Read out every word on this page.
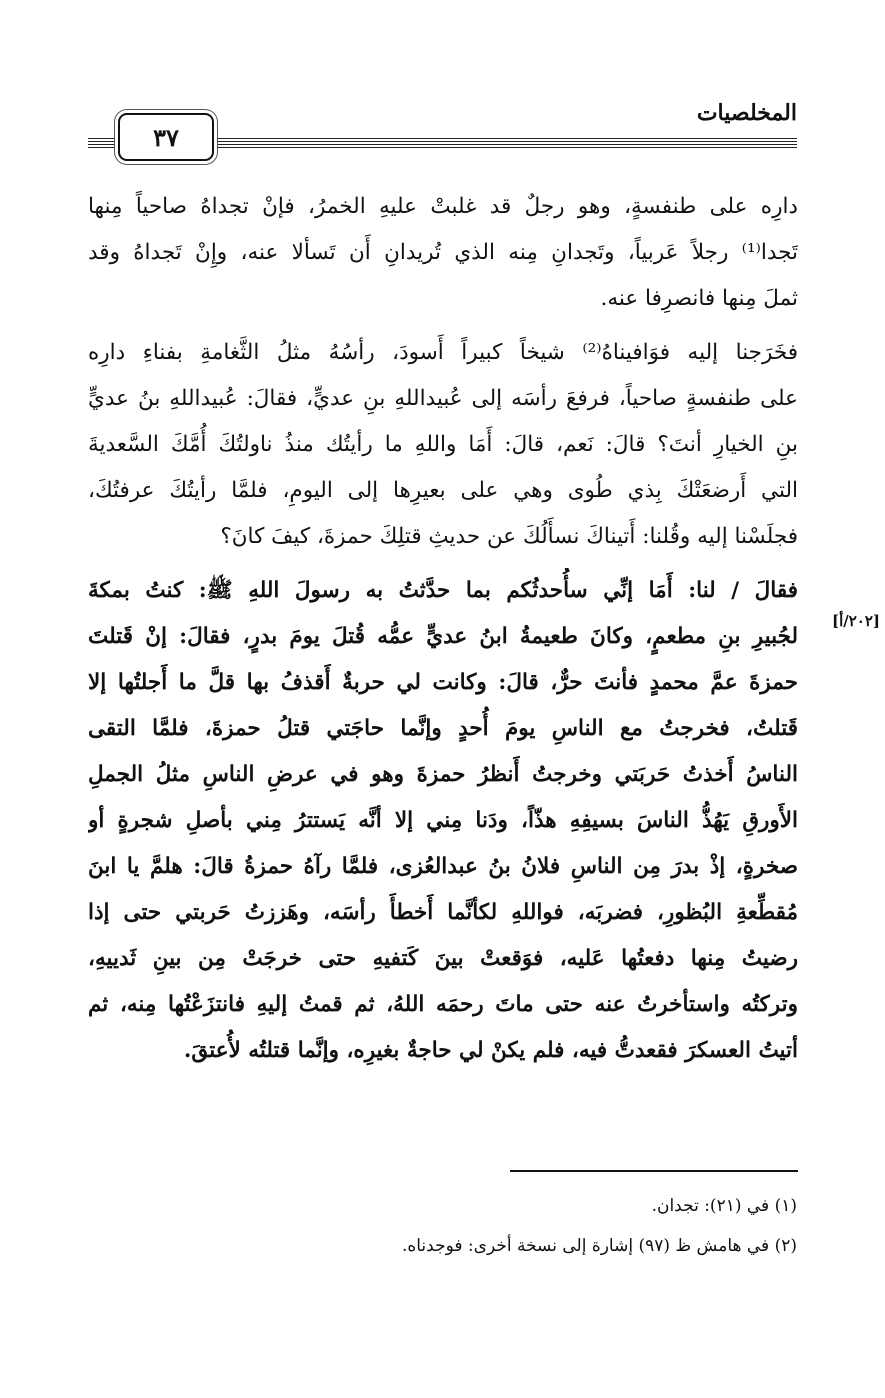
المخلصيات
٣٧
دارِه على طنفسةٍ، وهو رجلٌ قد غلبتْ عليهِ الخمرُ، فإنْ تجداهُ صاحياً مِنها
تَجدا⁽¹⁾ رجلاً عَربياً، وتَجدانِ مِنه الذي تُريدانِ أَن تَسألا عنه، وإِنْ تَجداهُ وقد
ثملَ مِنها فانصرِفا عنه.
فخَرَجنا إليه فوَافيناهُ⁽²⁾ شيخاً كبيراً أَسودَ، رأسُهُ مثلُ الثَّغامةِ بفناءِ دارِه
على طنفسةٍ صاحياً، فرفعَ رأسَه إلى عُبيداللهِ بنِ عديٍّ، فقالَ: عُبيداللهِ بنُ عديٍّ
بنِ الخيارِ أنتَ؟ قالَ: نَعم، قالَ: أَمَا واللهِ ما رأيتُك منذُ ناولتُكَ أُمَّكَ السَّعديةَ
التي أَرضعَتْكَ بِذي طُوى وهي على بعيرِها إلى اليومِ، فلمَّا رأيتُكَ عرفتُكَ،
فجلَسْنا إليه وقُلنا: أَتيناكَ نسأَلُكَ عن حديثِ قتلِكَ حمزةَ، كيفَ كانَ؟
فقالَ / لنا: أَمَا إنِّي سأُحدثُكم بما حدَّثتُ به رسولَ اللهِ ﷺ: كنتُ بمكةَ
لجُبيرِ بنِ مطعمٍ، وكانَ طعيمةُ ابنُ عديٍّ عمُّه قُتلَ يومَ بدرٍ، فقالَ: إنْ قَتلتَ
حمزةَ عمَّ محمدٍ فأنتَ حرٌّ، قالَ: وكانت لي حربةٌ أَقذفُ بها قلَّ ما أَجلتُها إلا
قَتلتُ، فخرجتُ مع الناسِ يومَ أُحدٍ وإنَّما حاجَتي قتلُ حمزةَ، فلمَّا التقى
الناسُ أَخذتُ حَربَتي وخرجتُ أَنظرُ حمزةَ وهو في عرضِ الناسِ مثلُ الجملِ
الأَورقِ يَهُذُّ الناسَ بسيفِهِ هذّاً، ودَنا مِني إلا أنَّه يَستترُ مِني بأصلِ شجرةٍ أو
صخرةٍ، إذْ بدرَ مِن الناسِ فلانُ بنُ عبدالعُزى، فلمَّا رآهُ حمزةُ قالَ: هلمَّ يا ابنَ
مُقطِّعةِ البُظورِ، فضربَه، فواللهِ لكأنَّما أَخطأَ رأسَه، وهَززتُ حَربتي حتى إذا
رضيتُ مِنها دفعتُها عَليه، فوَقعتْ بينَ كَتفيهِ حتى خرجَتْ مِن بينِ ثَدييهِ،
وتركتُه واستأخرتُ عنه حتى ماتَ رحمَه اللهُ، ثم قمتُ إليهِ فانتزَعْتُها مِنه، ثم
أتيتُ العسكرَ فقعدتُّ فيه، فلم يكنْ لي حاجةٌ بغيرِه، وإنَّما قتلتُه لأُعتقَ.
[٢٠٢/أ]
(١) في (٢١): تجدان.
(٢) في هامش ظ (٩٧) إشارة إلى نسخة أخرى: فوجدناه.
